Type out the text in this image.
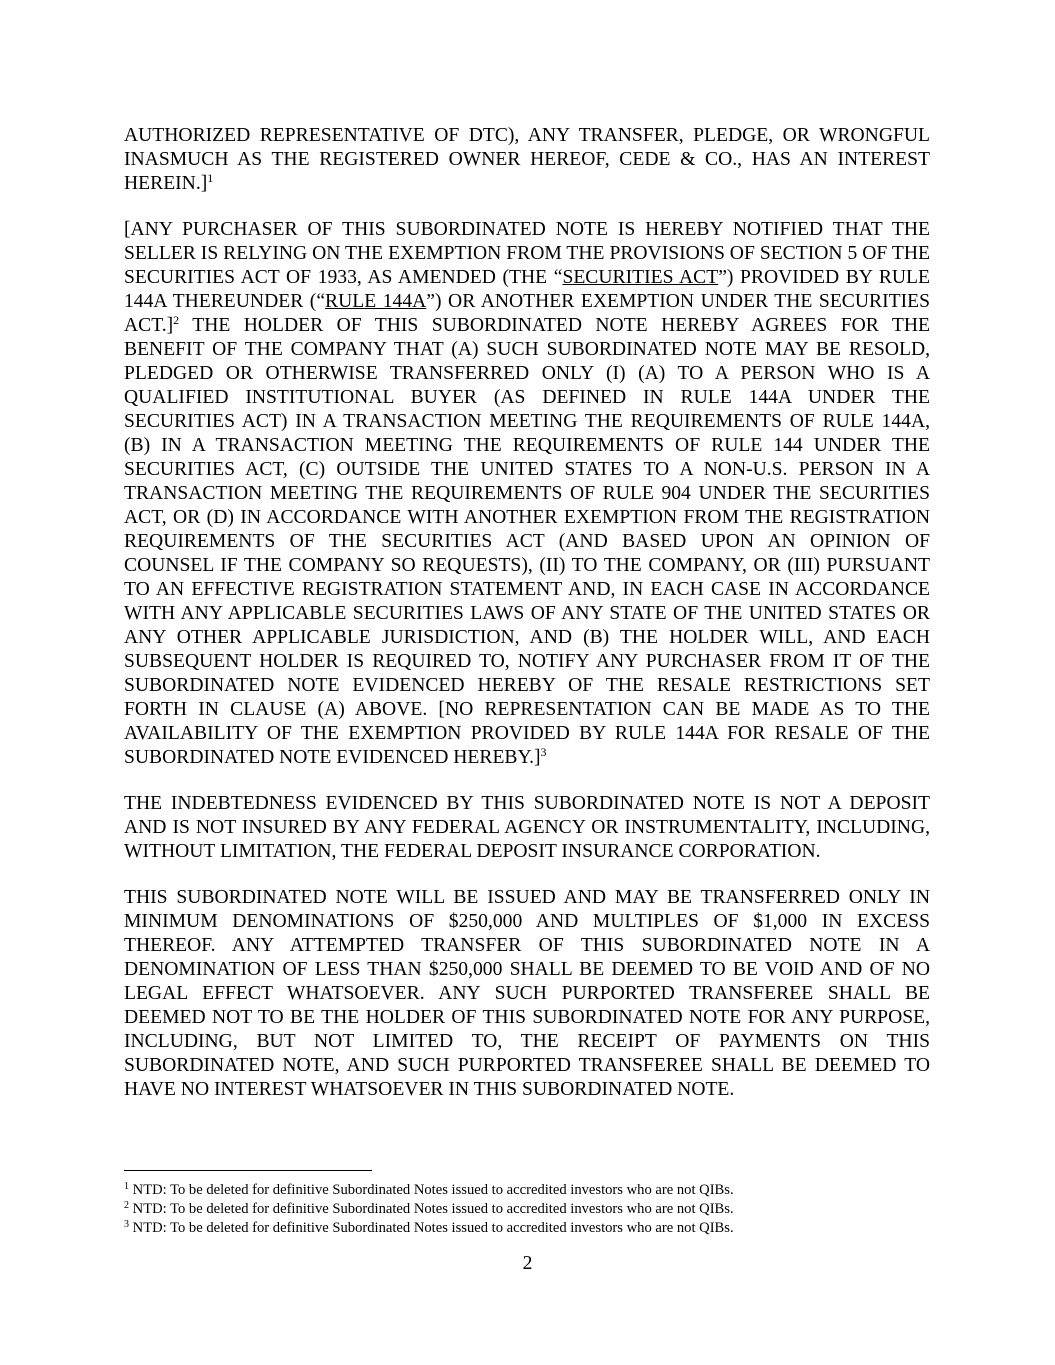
AUTHORIZED REPRESENTATIVE OF DTC), ANY TRANSFER, PLEDGE, OR WRONGFUL INASMUCH AS THE REGISTERED OWNER HEREOF, CEDE & CO., HAS AN INTEREST HEREIN.]$^1$

[ANY PURCHASER OF THIS SUBORDINATED NOTE IS HEREBY NOTIFIED THAT THE SELLER IS RELYING ON THE EXEMPTION FROM THE PROVISIONS OF SECTION 5 OF THE SECURITIES ACT OF 1933, AS AMENDED (THE “SECURITIES ACT”) PROVIDED BY RULE 144A THEREUNDER (“RULE 144A”) OR ANOTHER EXEMPTION UNDER THE SECURITIES ACT.]$^2$ THE HOLDER OF THIS SUBORDINATED NOTE HEREBY AGREES FOR THE BENEFIT OF THE COMPANY THAT (A) SUCH SUBORDINATED NOTE MAY BE RESOLD, PLEDGED OR OTHERWISE TRANSFERRED ONLY (I) (A) TO A PERSON WHO IS A QUALIFIED INSTITUTIONAL BUYER (AS DEFINED IN RULE 144A UNDER THE SECURITIES ACT) IN A TRANSACTION MEETING THE REQUIREMENTS OF RULE 144A, (B) IN A TRANSACTION MEETING THE REQUIREMENTS OF RULE 144 UNDER THE SECURITIES ACT, (C) OUTSIDE THE UNITED STATES TO A NON-U.S. PERSON IN A TRANSACTION MEETING THE REQUIREMENTS OF RULE 904 UNDER THE SECURITIES ACT, OR (D) IN ACCORDANCE WITH ANOTHER EXEMPTION FROM THE REGISTRATION REQUIREMENTS OF THE SECURITIES ACT (AND BASED UPON AN OPINION OF COUNSEL IF THE COMPANY SO REQUESTS), (II) TO THE COMPANY, OR (III) PURSUANT TO AN EFFECTIVE REGISTRATION STATEMENT AND, IN EACH CASE IN ACCORDANCE WITH ANY APPLICABLE SECURITIES LAWS OF ANY STATE OF THE UNITED STATES OR ANY OTHER APPLICABLE JURISDICTION, AND (B) THE HOLDER WILL, AND EACH SUBSEQUENT HOLDER IS REQUIRED TO, NOTIFY ANY PURCHASER FROM IT OF THE SUBORDINATED NOTE EVIDENCED HEREBY OF THE RESALE RESTRICTIONS SET FORTH IN CLAUSE (A) ABOVE. [NO REPRESENTATION CAN BE MADE AS TO THE AVAILABILITY OF THE EXEMPTION PROVIDED BY RULE 144A FOR RESALE OF THE SUBORDINATED NOTE EVIDENCED HEREBY.]$^3$

THE INDEBTEDNESS EVIDENCED BY THIS SUBORDINATED NOTE IS NOT A DEPOSIT AND IS NOT INSURED BY ANY FEDERAL AGENCY OR INSTRUMENTALITY, INCLUDING, WITHOUT LIMITATION, THE FEDERAL DEPOSIT INSURANCE CORPORATION.

THIS SUBORDINATED NOTE WILL BE ISSUED AND MAY BE TRANSFERRED ONLY IN MINIMUM DENOMINATIONS OF $250,000 AND MULTIPLES OF $1,000 IN EXCESS THEREOF. ANY ATTEMPTED TRANSFER OF THIS SUBORDINATED NOTE IN A DENOMINATION OF LESS THAN $250,000 SHALL BE DEEMED TO BE VOID AND OF NO LEGAL EFFECT WHATSOEVER. ANY SUCH PURPORTED TRANSFEREE SHALL BE DEEMED NOT TO BE THE HOLDER OF THIS SUBORDINATED NOTE FOR ANY PURPOSE, INCLUDING, BUT NOT LIMITED TO, THE RECEIPT OF PAYMENTS ON THIS SUBORDINATED NOTE, AND SUCH PURPORTED TRANSFEREE SHALL BE DEEMED TO HAVE NO INTEREST WHATSOEVER IN THIS SUBORDINATED NOTE.

$^1$ NTD: To be deleted for definitive Subordinated Notes issued to accredited investors who are not QIBs.

$^2$ NTD: To be deleted for definitive Subordinated Notes issued to accredited investors who are not QIBs.

$^3$ NTD: To be deleted for definitive Subordinated Notes issued to accredited investors who are not QIBs.

2
